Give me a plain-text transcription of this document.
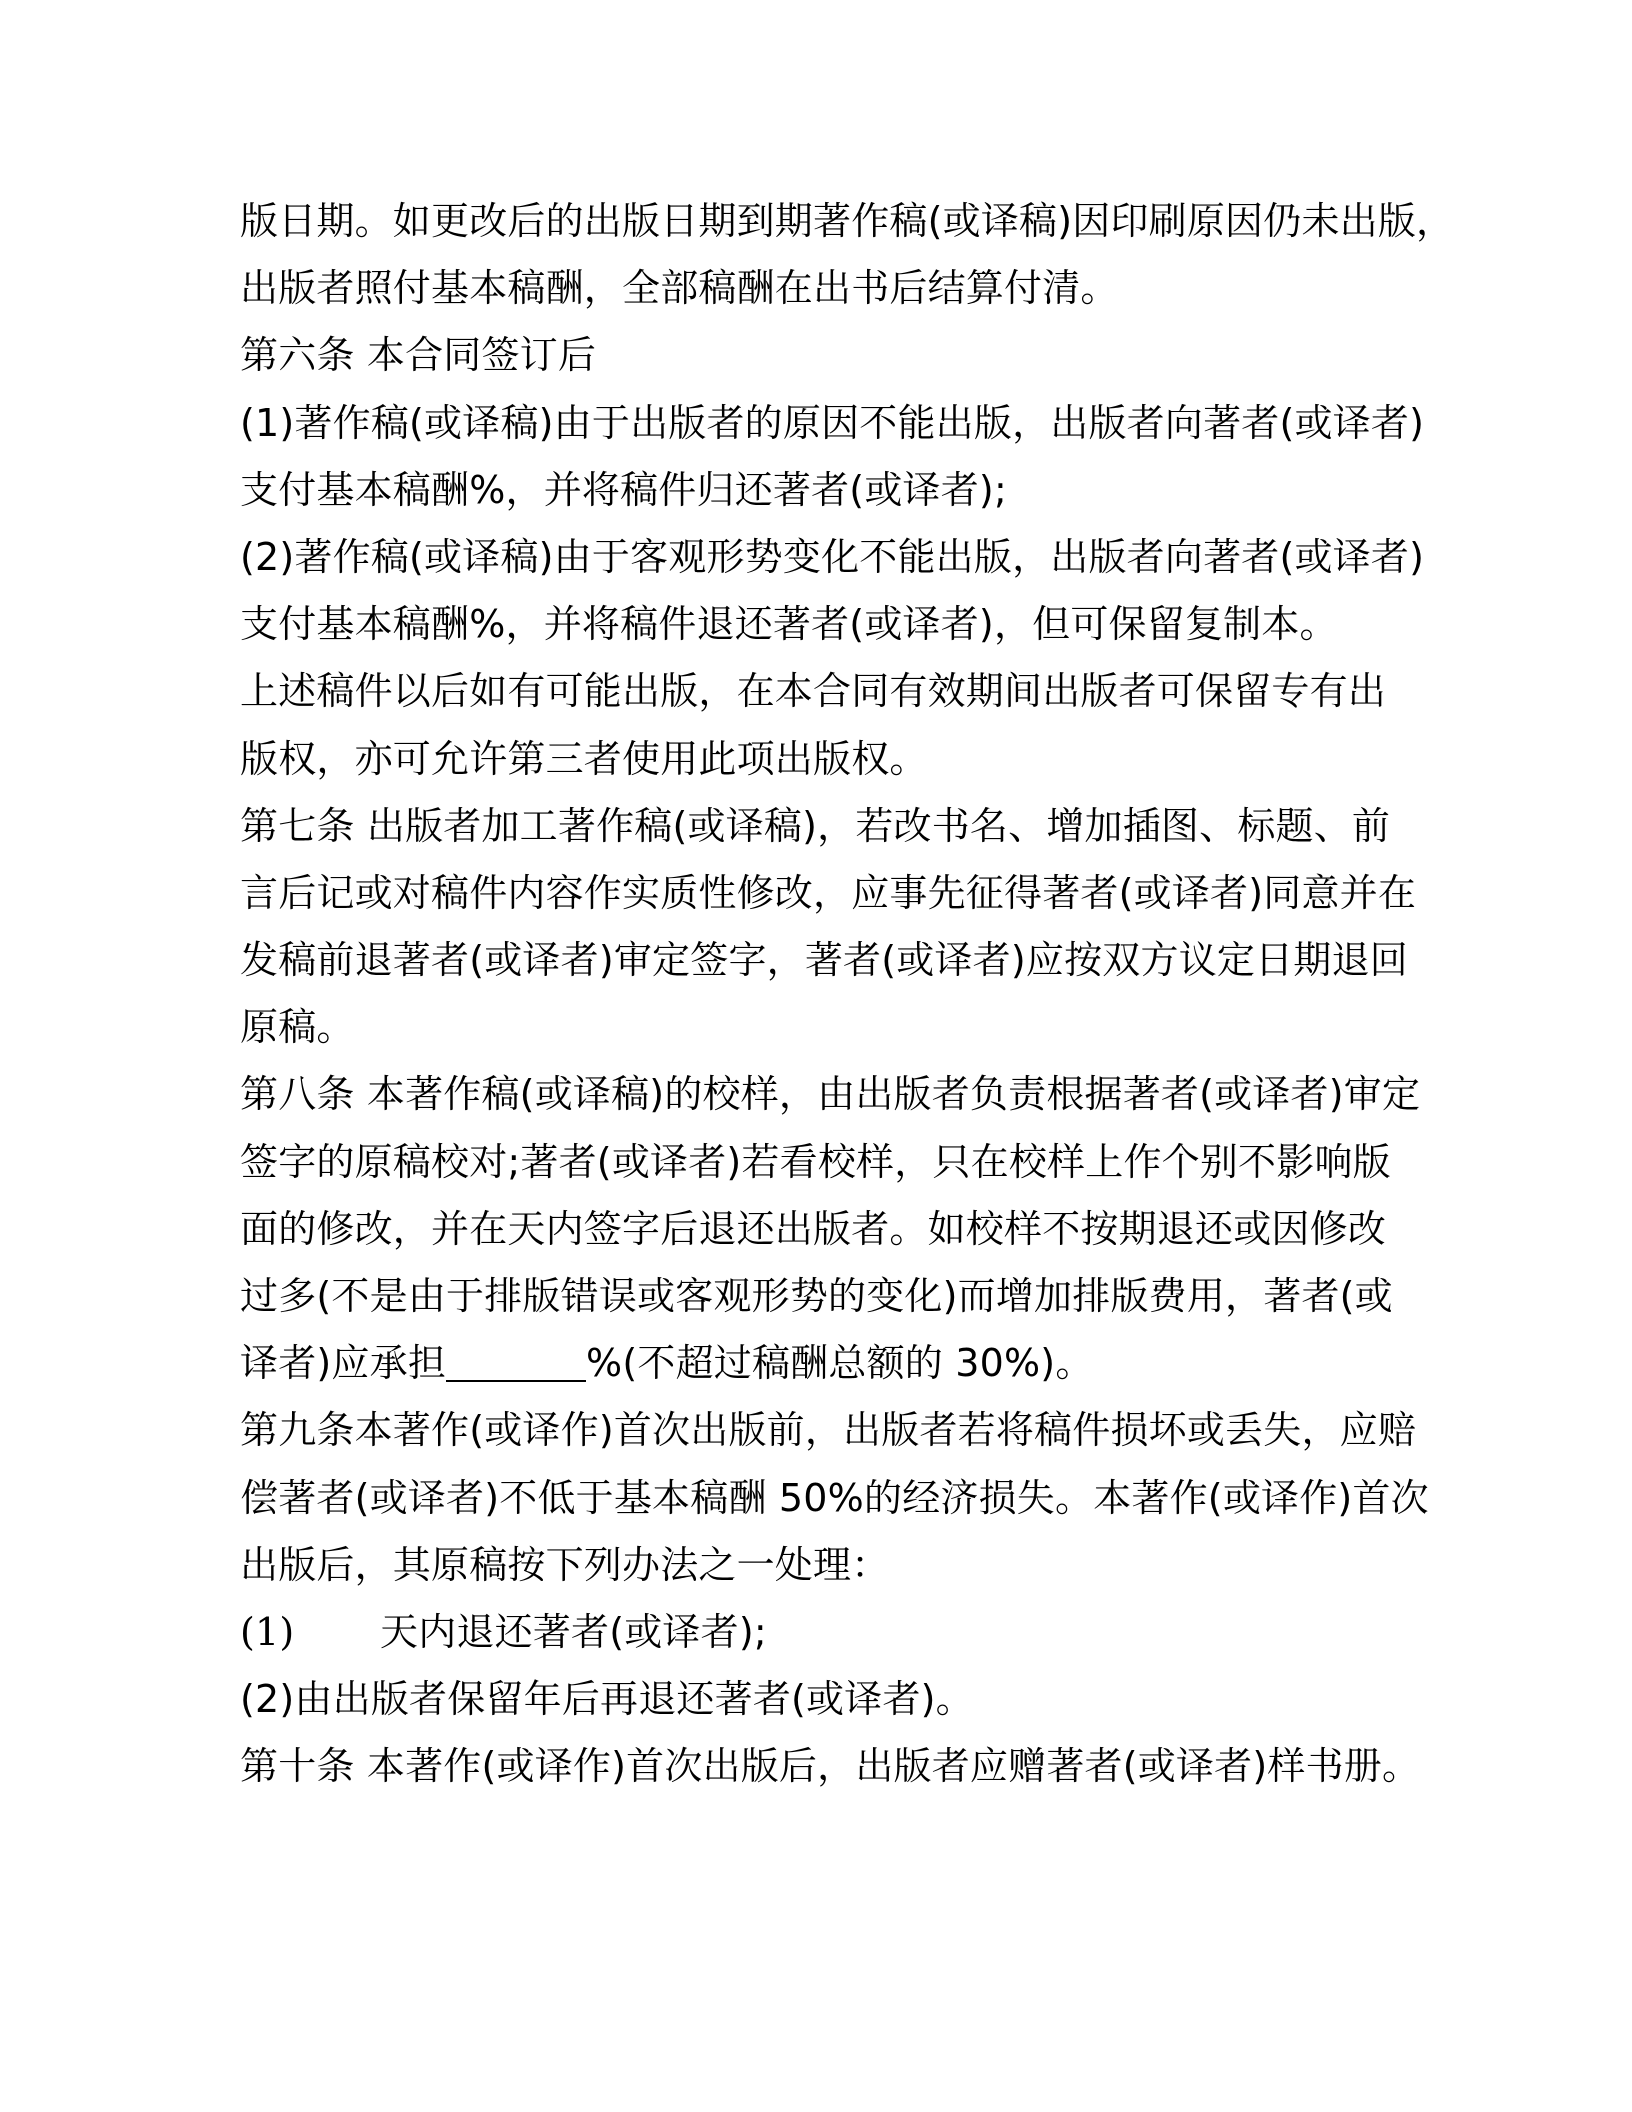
版日期。如更改后的出版日期到期著作稿(或译稿)因印刷原因仍未出版，
出版者照付基本稿酬，全部稿酬在出书后结算付清。
第六条 本合同签订后
(1)著作稿(或译稿)由于出版者的原因不能出版，出版者向著者(或译者)
支付基本稿酬%，并将稿件归还著者(或译者);
(2)著作稿(或译稿)由于客观形势变化不能出版，出版者向著者(或译者)
支付基本稿酬%，并将稿件退还著者(或译者)，但可保留复制本。
上述稿件以后如有可能出版，在本合同有效期间出版者可保留专有出
版权，亦可允许第三者使用此项出版权。
第七条 出版者加工著作稿(或译稿)，若改书名、增加插图、标题、前
言后记或对稿件内容作实质性修改，应事先征得著者(或译者)同意并在
发稿前退著者(或译者)审定签字，著者(或译者)应按双方议定日期退回
原稿。
第八条 本著作稿(或译稿)的校样，由出版者负责根据著者(或译者)审定
签字的原稿校对;著者(或译者)若看校样，只在校样上作个别不影响版
面的修改，并在天内签字后退还出版者。如校样不按期退还或因修改
过多(不是由于排版错误或客观形势的变化)而增加排版费用，著者(或
译者)应承担	%(不超过稿酬总额的 30%)。
第九条本著作(或译作)首次出版前，出版者若将稿件损坏或丢失，应赔
偿著者(或译者)不低于基本稿酬 50%的经济损失。本著作(或译作)首次
出版后，其原稿按下列办法之一处理：
(1) 天内退还著者(或译者);
(2)由出版者保留年后再退还著者(或译者)。
第十条 本著作(或译作)首次出版后，出版者应赠著者(或译者)样书册。
